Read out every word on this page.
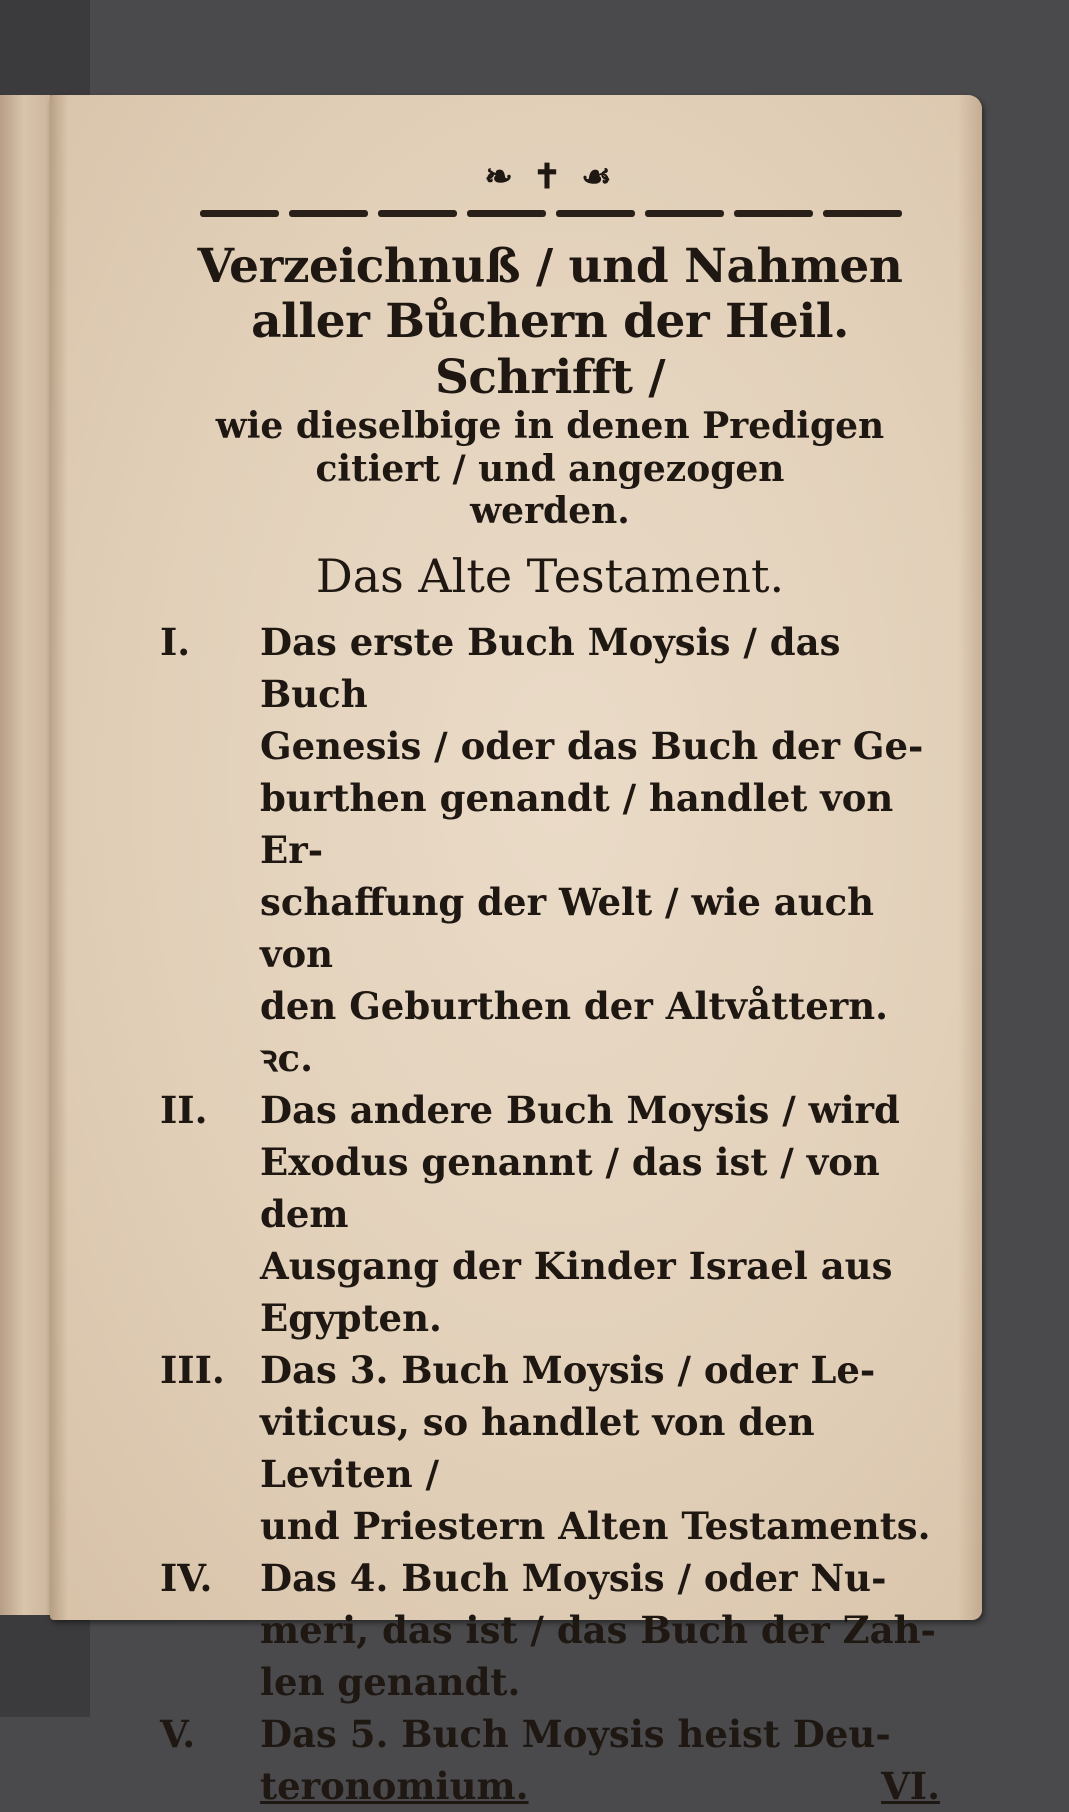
❧ ✝ ☙
Verzeichnuß / und Nahmen
aller Bůchern der Heil. Schrifft /
wie dieselbige in denen Predigen
citiert / und angezogen
werden.
Das Alte Testament.
I.	Das erste Buch Moysis / das Buch
Genesis / oder das Buch der Ge-
burthen genandt / handlet von Er-
schaffung der Welt / wie auch von
den Geburthen der Altvåttern. ꝛc.
II.	Das andere Buch Moysis / wird
Exodus genannt / das ist / von dem
Ausgang der Kinder Israel aus
Egypten.
III. Das 3. Buch Moysis / oder Le-
viticus, so handlet von den Leviten /
und Priestern Alten Testaments.
IV.	Das 4. Buch Moysis / oder Nu-
meri, das ist / das Buch der Zah-
len genandt.
V.	Das 5. Buch Moysis heist Deu-
teronomium.	VI.
